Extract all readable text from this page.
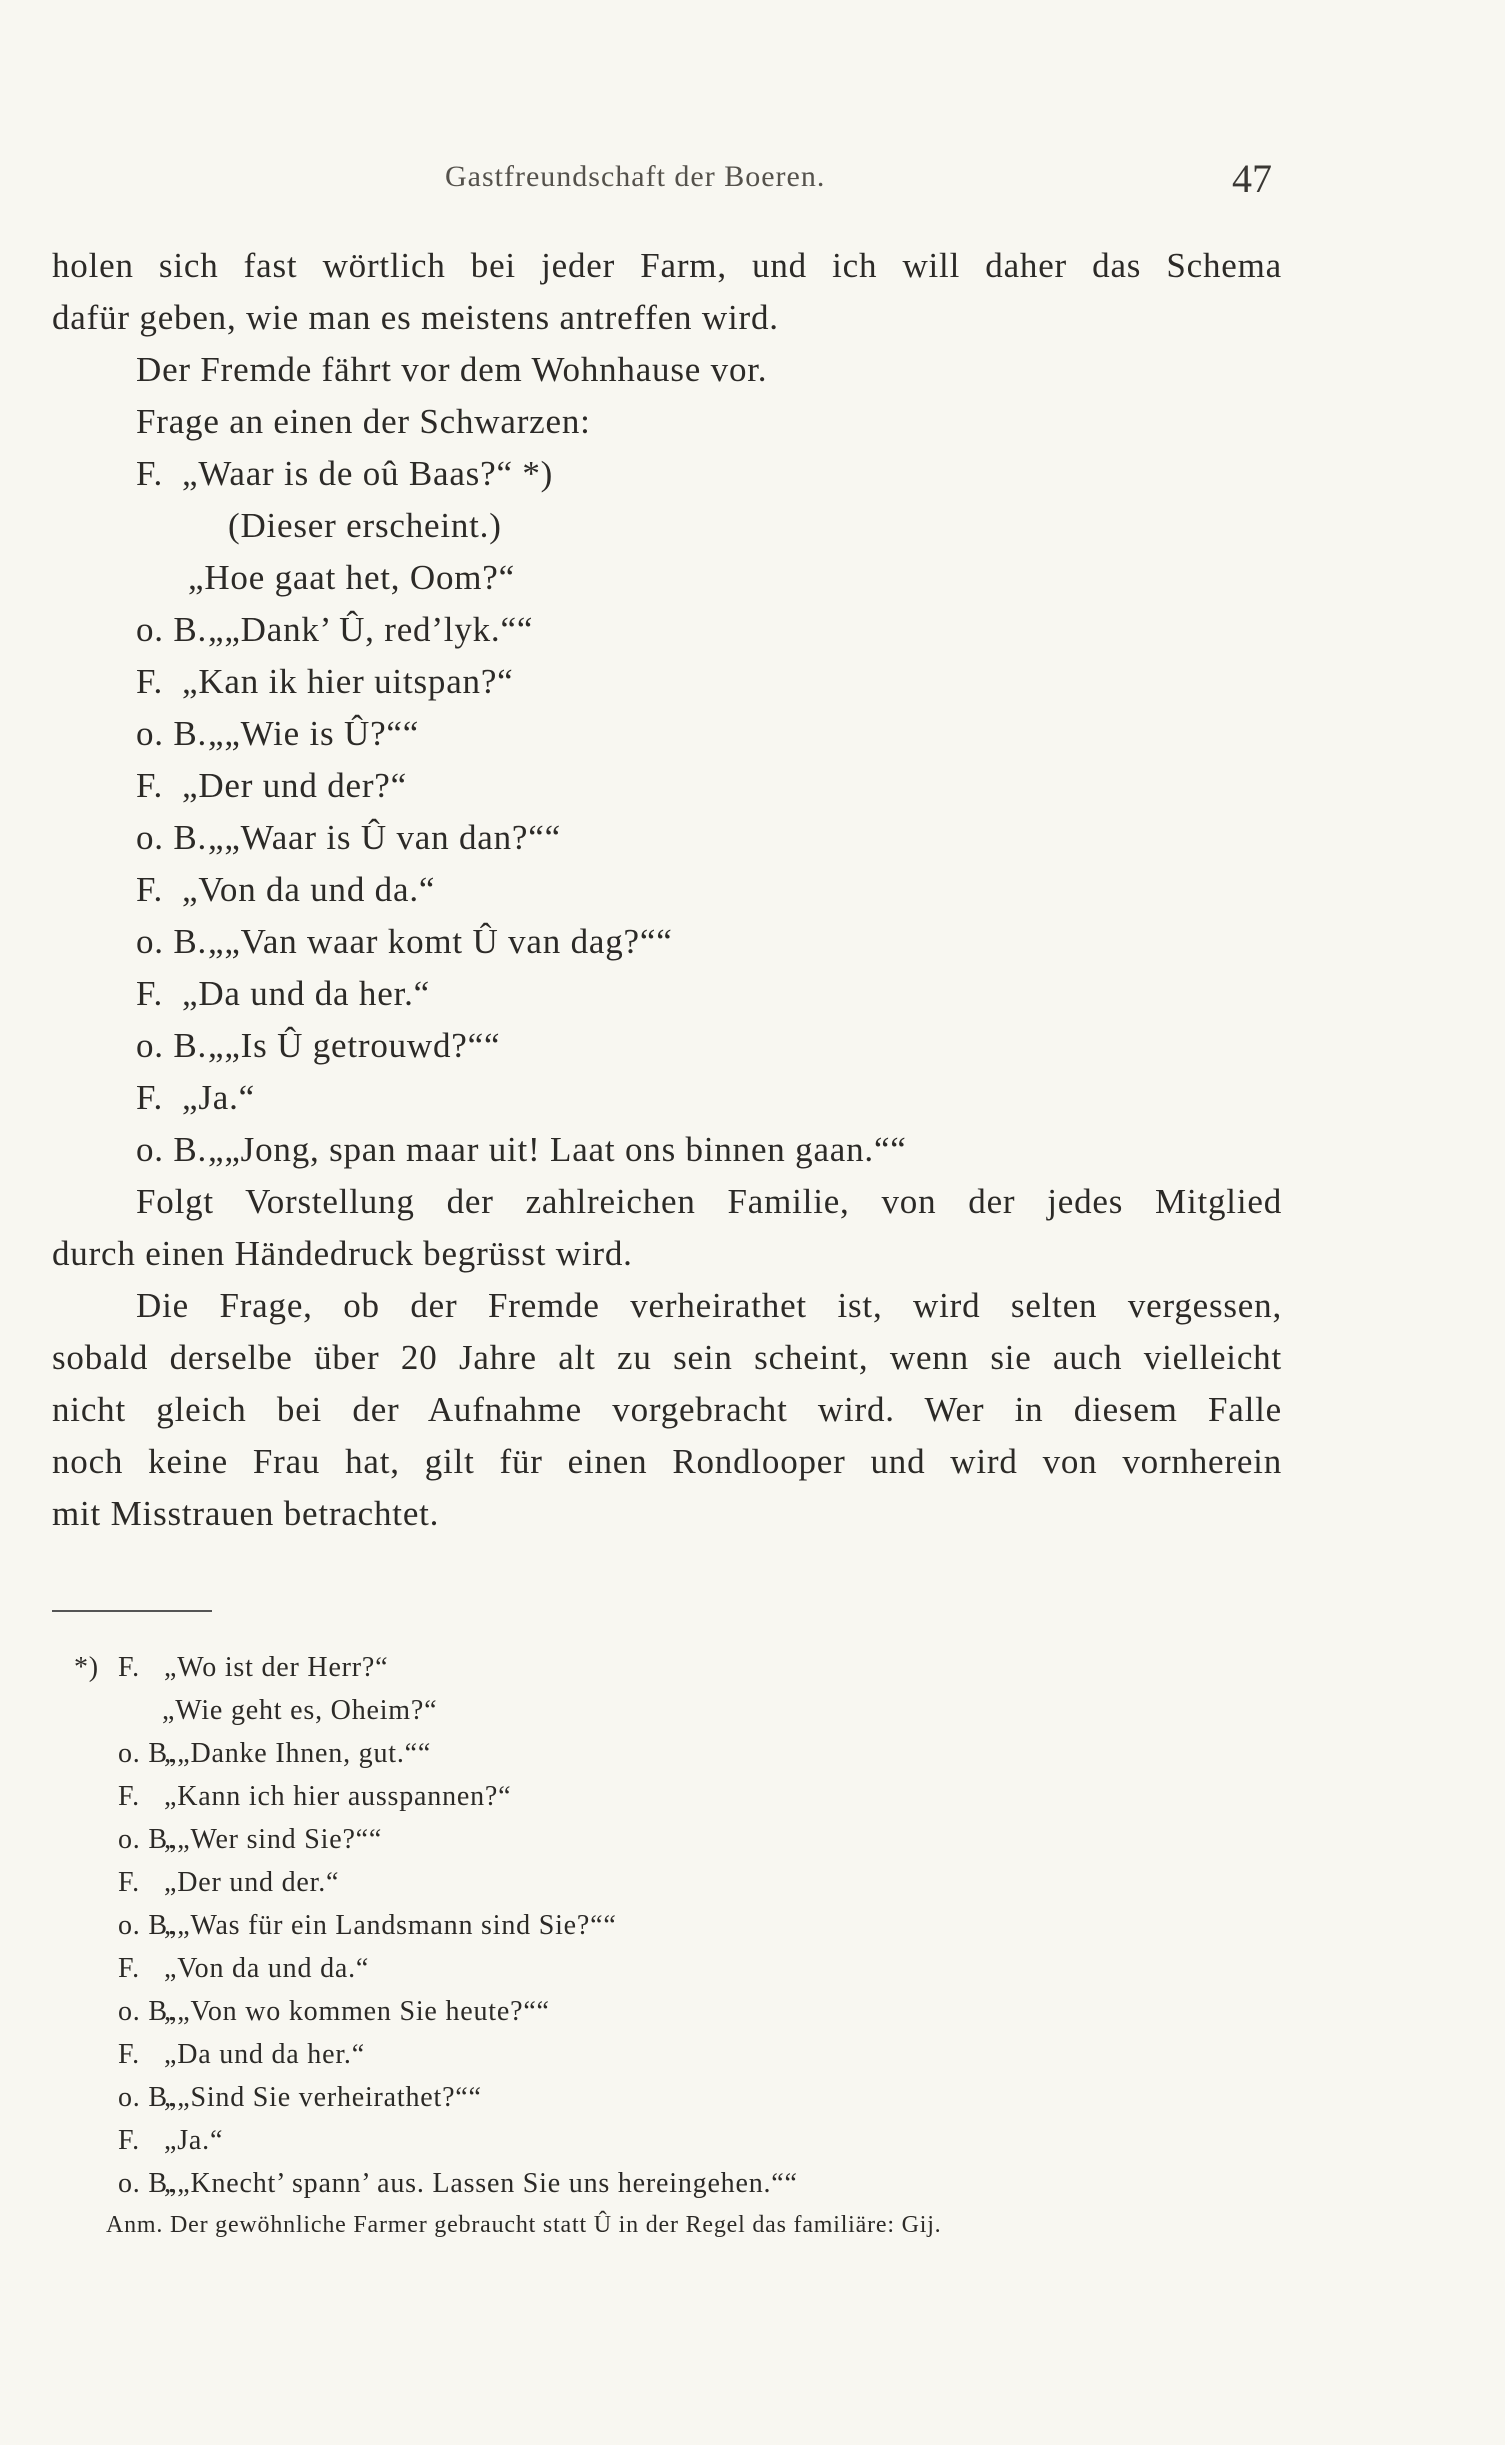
Gastfreundschaft der Boeren.	47
holen sich fast wörtlich bei jeder Farm, und ich will daher das Schema
dafür geben, wie man es meistens antreffen wird.
Der Fremde fährt vor dem Wohnhause vor.
Frage an einen der Schwarzen:
F. „Waar is de oû Baas?“ *)
(Dieser erscheint.)
„Hoe gaat het, Oom?“
o. B.„„Dank’ Û, red’lyk.““
F. „Kan ik hier uitspan?“
o. B.„„Wie is Û?““
F. „Der und der?“
o. B.„„Waar is Û van dan?““
F. „Von da und da.“
o. B.„„Van waar komt Û van dag?““
F. „Da und da her.“
o. B.„„Is Û getrouwd?““
F. „Ja.“
o. B.„„Jong, span maar uit! Laat ons binnen gaan.““
Folgt Vorstellung der zahlreichen Familie, von der jedes Mitglied
durch einen Händedruck begrüsst wird.
Die Frage, ob der Fremde verheirathet ist, wird selten vergessen,
sobald derselbe über 20 Jahre alt zu sein scheint, wenn sie auch vielleicht
nicht gleich bei der Aufnahme vorgebracht wird. Wer in diesem Falle
noch keine Frau hat, gilt für einen Rondlooper und wird von vornherein
mit Misstrauen betrachtet.
*) F. „Wo ist der Herr?“
„Wie geht es, Oheim?“
o. B.„„Danke Ihnen, gut.““
F. „Kann ich hier ausspannen?“
o. B.„„Wer sind Sie?““
F. „Der und der.“
o. B.„„Was für ein Landsmann sind Sie?““
F. „Von da und da.“
o. B.„„Von wo kommen Sie heute?““
F. „Da und da her.“
o. B.„„Sind Sie verheirathet?““
F. „Ja.“
o. B.„„Knecht’ spann’ aus. Lassen Sie uns hereingehen.““
Anm. Der gewöhnliche Farmer gebraucht statt Û in der Regel das familiäre: Gij.
